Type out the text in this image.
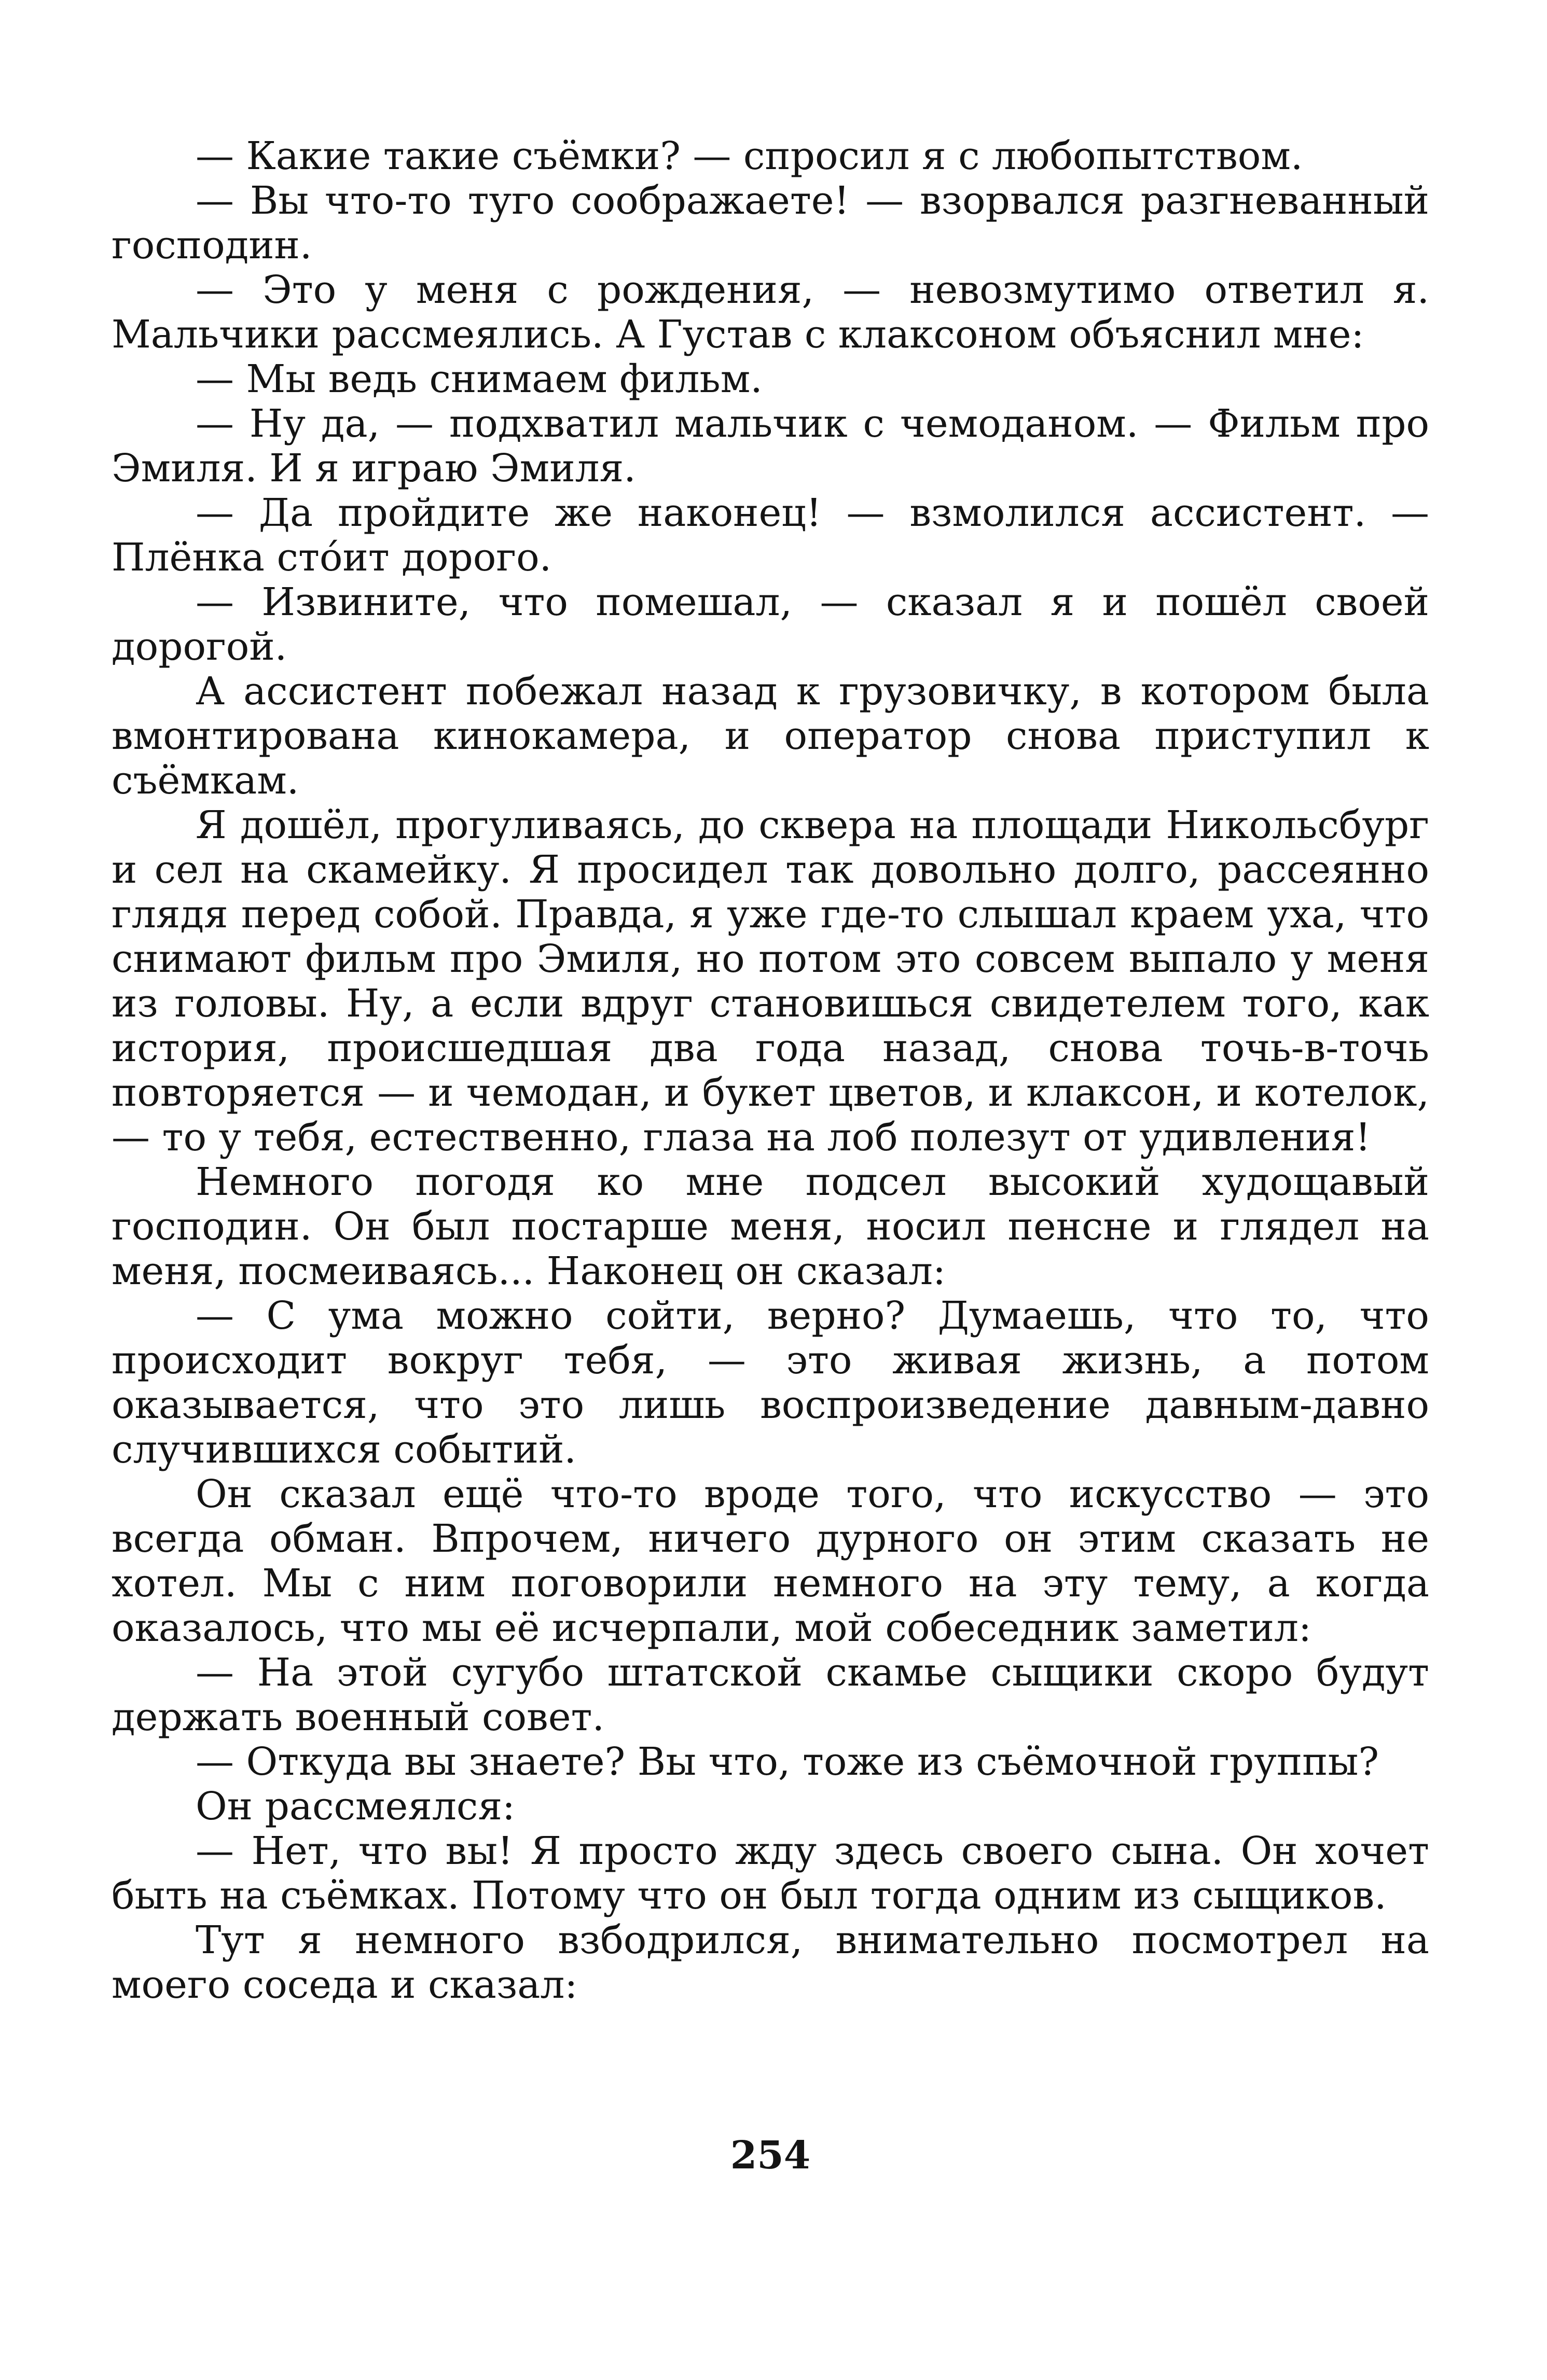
— Какие такие съёмки? — спросил я с любопытством.

— Вы что-то туго соображаете! — взорвался разгневанный господин.

— Это у меня с рождения, — невозмутимо ответил я. Мальчики рассмеялись. А Густав с клаксоном объяснил мне:

— Мы ведь снимаем фильм.

— Ну да, — подхватил мальчик с чемоданом. — Фильм про Эмиля. И я играю Эмиля.

— Да пройдите же наконец! — взмолился ассистент. — Плёнка стóит дорого.

— Извините, что помешал, — сказал я и пошёл своей дорогой.

А ассистент побежал назад к грузовичку, в котором была вмонтирована кинокамера, и оператор снова приступил к съёмкам.

Я дошёл, прогуливаясь, до сквера на площади Никольсбург и сел на скамейку. Я просидел так довольно долго, рассеянно глядя перед собой. Правда, я уже где-то слышал краем уха, что снимают фильм про Эмиля, но потом это совсем выпало у меня из головы. Ну, а если вдруг становишься свидетелем того, как история, происшедшая два года назад, снова точь-в-точь повторяется — и чемодан, и букет цветов, и клаксон, и котелок, — то у тебя, естественно, глаза на лоб полезут от удивления!

Немного погодя ко мне подсел высокий худощавый господин. Он был постарше меня, носил пенсне и глядел на меня, посмеиваясь... Наконец он сказал:

— С ума можно сойти, верно? Думаешь, что то, что происходит вокруг тебя, — это живая жизнь, а потом оказывается, что это лишь воспроизведение давным-давно случившихся событий.

Он сказал ещё что-то вроде того, что искусство — это всегда обман. Впрочем, ничего дурного он этим сказать не хотел. Мы с ним поговорили немного на эту тему, а когда оказалось, что мы её исчерпали, мой собеседник заметил:

— На этой сугубо штатской скамье сыщики скоро будут держать военный совет.

— Откуда вы знаете? Вы что, тоже из съёмочной группы?

Он рассмеялся:

— Нет, что вы! Я просто жду здесь своего сына. Он хочет быть на съёмках. Потому что он был тогда одним из сыщиков.

Тут я немного взбодрился, внимательно посмотрел на моего соседа и сказал:

254
